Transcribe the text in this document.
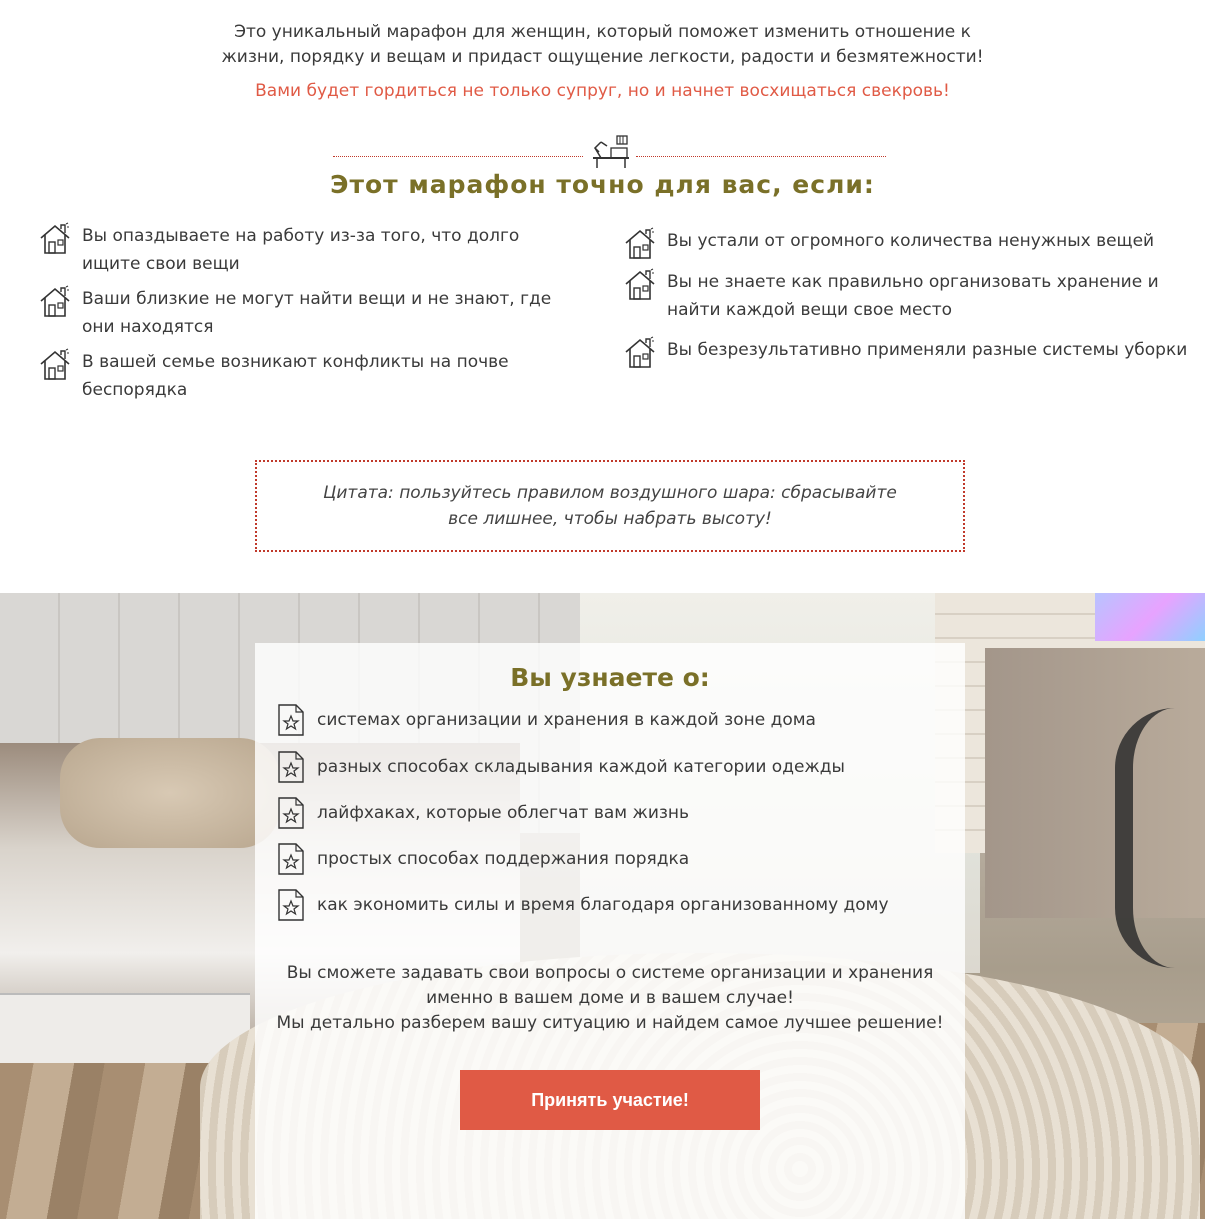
Это уникальный марафон для женщин, который поможет изменить отношение к

жизни, порядку и вещам и придаст ощущение легкости, радости и безмятежности!

Вами будет гордиться не только супруг, но и начнет восхищаться свекровь!

Этот марафон точно для вас, если:
Вы опаздываете на работу из-за того, что долго ищите свои вещи
Ваши близкие не могут найти вещи и не знают, где они находятся
В вашей семье возникают конфликты на почве беспорядка
Вы устали от огромного количества ненужных вещей
Вы не знаете как правильно организовать хранение и найти каждой вещи свое место
Вы безрезультативно применяли разные системы уборки

Цитата: пользуйтесь правилом воздушного шара: сбрасывайте все лишнее, чтобы набрать высоту!

Вы узнаете о:
системах организации и хранения в каждой зоне дома
разных способах складывания каждой категории одежды
лайфхаках, которые облегчат вам жизнь
простых способах поддержания порядка
как экономить силы и время благодаря организованному дому

Вы сможете задавать свои вопросы о системе организации и хранения

именно в вашем доме и в вашем случае!

Мы детально разберем вашу ситуацию и найдем самое лучшее решение!

Принять участие!
